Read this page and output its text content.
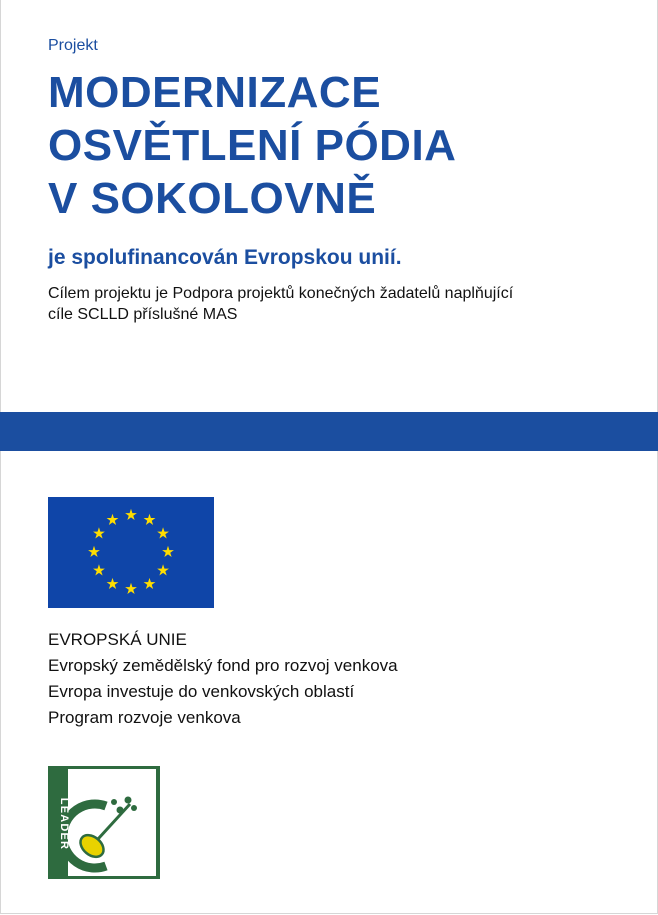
Projekt
MODERNIZACE
OSVĚTLENÍ PÓDIA
V SOKOLOVNĚ
je spolufinancován Evropskou unií.
Cílem projektu je Podpora projektů konečných žadatelů naplňující
cíle SCLLD příslušné MAS
EVROPSKÁ UNIE
Evropský zemědělský fond pro rozvoj venkova
Evropa investuje do venkovských oblastí
Program rozvoje venkova
LEADER
